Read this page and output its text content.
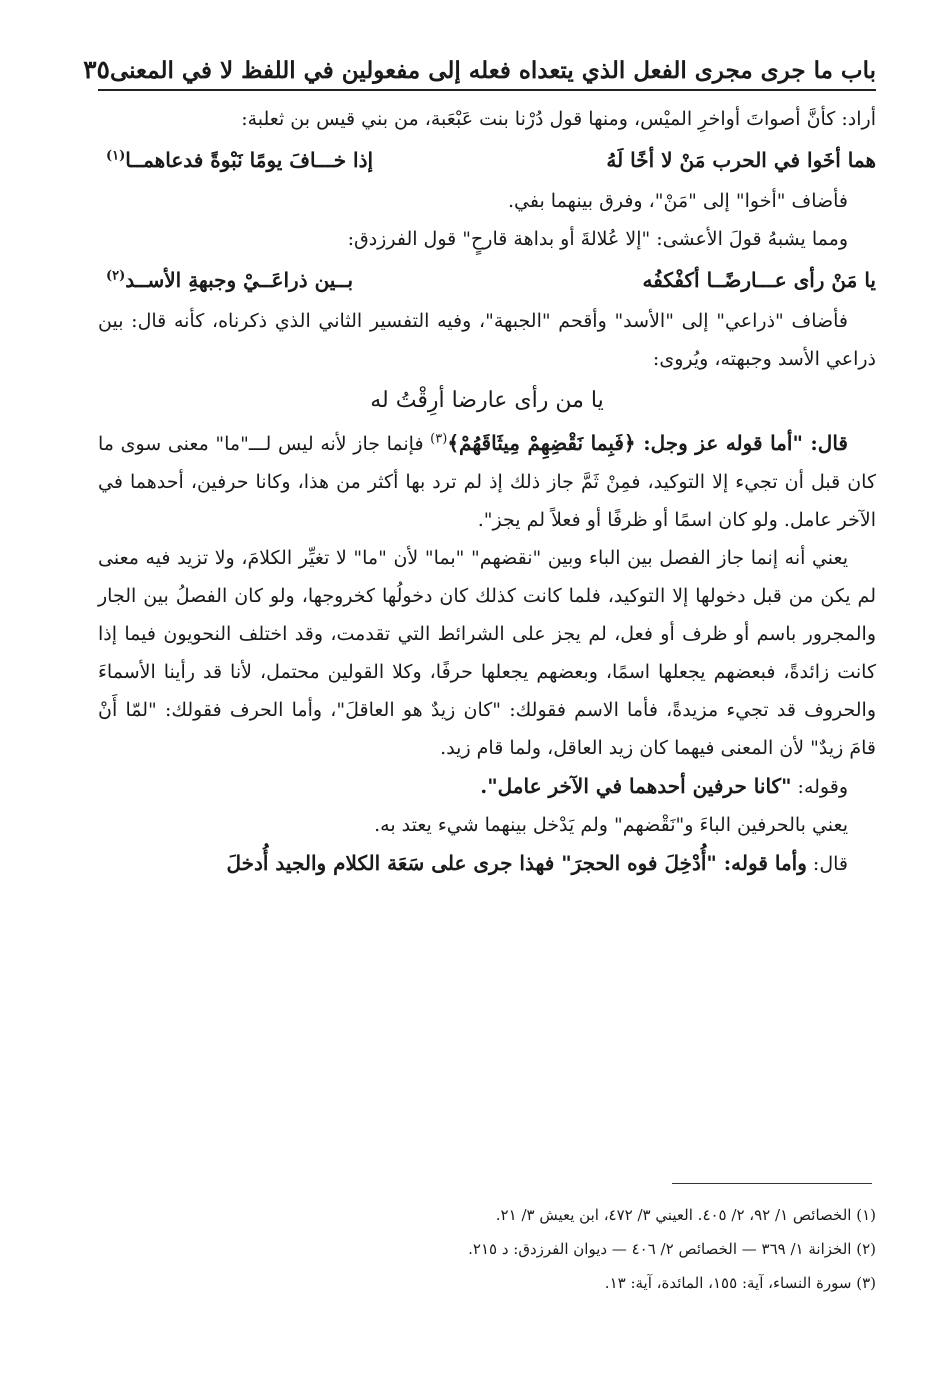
باب ما جرى مجرى الفعل الذي يتعداه فعله إلى مفعولين في اللفظ لا في المعنى
٣٥

أراد: كأنَّ أصواتَ أواخرِ الميْس، ومنها قول دُرْنا بنت عَبْعَبة، من بني قيس بن ثعلبة:

هما أخَوا في الحرب مَنْ لا أخًا لَهُ
إذا خـــافَ يومًا نَبْوةً فدعاهمــا$^{(١)}$

فأضاف "أخوا" إلى "مَنْ"، وفرق بينهما بفي.

ومما يشبهُ قولَ الأعشى: "إلا عُلالةَ أو بداهة قارحٍ" قول الفرزدق:

يا مَنْ رأى عـــارضًــا أكفْكفُه
بــين ذراعَــيْ وجبهةِ الأســد$^{(٢)}$

فأضاف "ذراعي" إلى "الأسد" وأقحم "الجبهة"، وفيه التفسير الثاني الذي ذكرناه، كأنه قال: بين ذراعي الأسد وجبهته، ويُروى:

يا من رأى عارضا أرِقْتُ له

قال: "أما قوله عز وجل: ﴿فَبِما نَقْضِهِمْ مِيثَاقَهُمْ﴾$^{(٣)}$ فإنما جاز لأنه ليس لـــ"ما" معنى سوى ما كان قبل أن تجيء إلا التوكيد، فمِنْ ثَمَّ جاز ذلك إذ لم ترد بها أكثر من هذا، وكانا حرفين، أحدهما في الآخر عامل. ولو كان اسمًا أو ظرفًا أو فعلاً لم يجز".

يعني أنه إنما جاز الفصل بين الباء وبين "نقضهم" "بما" لأن "ما" لا تغيِّر الكلامَ، ولا تزيد فيه معنى لم يكن من قبل دخولها إلا التوكيد، فلما كانت كذلك كان دخولُها كخروجها، ولو كان الفصلُ بين الجار والمجرور باسم أو ظرف أو فعل، لم يجز على الشرائط التي تقدمت، وقد اختلف النحويون فيما إذا كانت زائدةً، فبعضهم يجعلها اسمًا، وبعضهم يجعلها حرفًا، وكلا القولين محتمل، لأنا قد رأينا الأسماءَ والحروف قد تجيء مزيدةً، فأما الاسم فقولك: "كان زيدٌ هو العاقلَ"، وأما الحرف فقولك: "لمّا أَنْ قامَ زيدٌ" لأن المعنى فيهما كان زيد العاقل، ولما قام زيد.

وقوله: "كانا حرفين أحدهما في الآخر عامل".

يعني بالحرفين الباءَ و"نَقْضهم" ولم يَدْخل بينهما شيء يعتد به.

قال: وأما قوله: "أُدْخِلَ فوه الحجرَ" فهذا جرى على سَعَة الكلام والجيد أُدخلَ

(١) الخصائص ١/ ٩٢، ٢/ ٤٠٥. العيني ٣/ ٤٧٢، ابن يعيش ٣/ ٢١.
(٢) الخزانة ١/ ٣٦٩ — الخصائص ٢/ ٤٠٦ — ديوان الفرزدق: د ٢١٥.
(٣) سورة النساء، آية: ١٥٥، المائدة، آية: ١٣.
